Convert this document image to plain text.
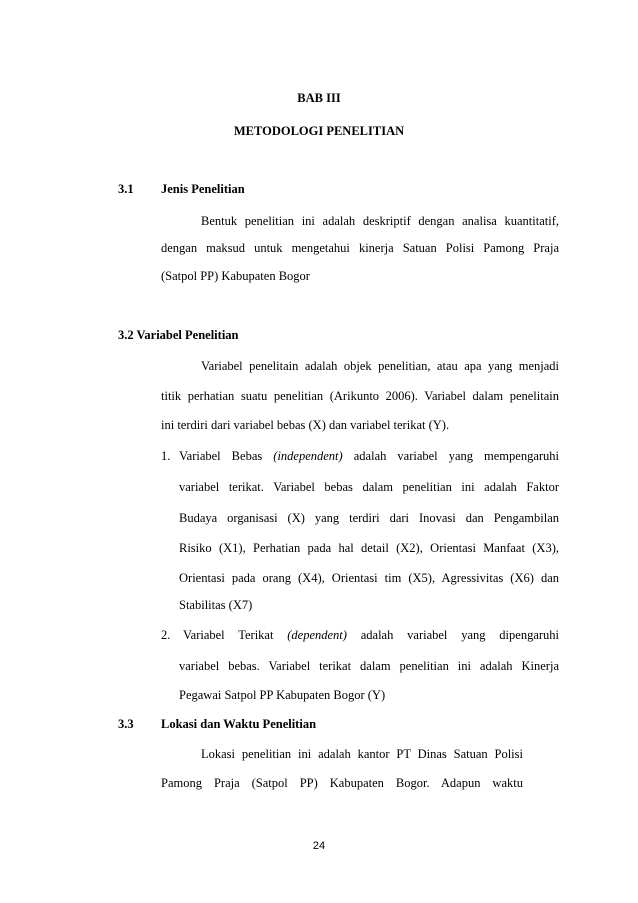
BAB III
METODOLOGI PENELITIAN
3.1 Jenis Penelitian
Bentuk penelitian ini adalah deskriptif dengan analisa kuantitatif,
dengan maksud untuk mengetahui kinerja Satuan Polisi Pamong Praja
(Satpol PP) Kabupaten Bogor
3.2 Variabel Penelitian
Variabel penelitain adalah objek penelitian, atau apa yang menjadi
titik perhatian suatu penelitian (Arikunto 2006). Variabel dalam penelitain
ini terdiri dari variabel bebas (X) dan variabel terikat (Y).
1. Variabel Bebas (independent) adalah variabel yang mempengaruhi
variabel terikat. Variabel bebas dalam penelitian ini adalah Faktor
Budaya organisasi (X) yang terdiri dari Inovasi dan Pengambilan
Risiko (X1), Perhatian pada hal detail (X2), Orientasi Manfaat (X3),
Orientasi pada orang (X4), Orientasi tim (X5), Agressivitas (X6) dan
Stabilitas (X7)
2. Variabel Terikat (dependent) adalah variabel yang dipengaruhi
variabel bebas. Variabel terikat dalam penelitian ini adalah Kinerja
Pegawai Satpol PP Kabupaten Bogor (Y)
3.3 Lokasi dan Waktu Penelitian
Lokasi penelitian ini adalah kantor PT Dinas Satuan Polisi
Pamong Praja (Satpol PP) Kabupaten Bogor. Adapun waktu
24
